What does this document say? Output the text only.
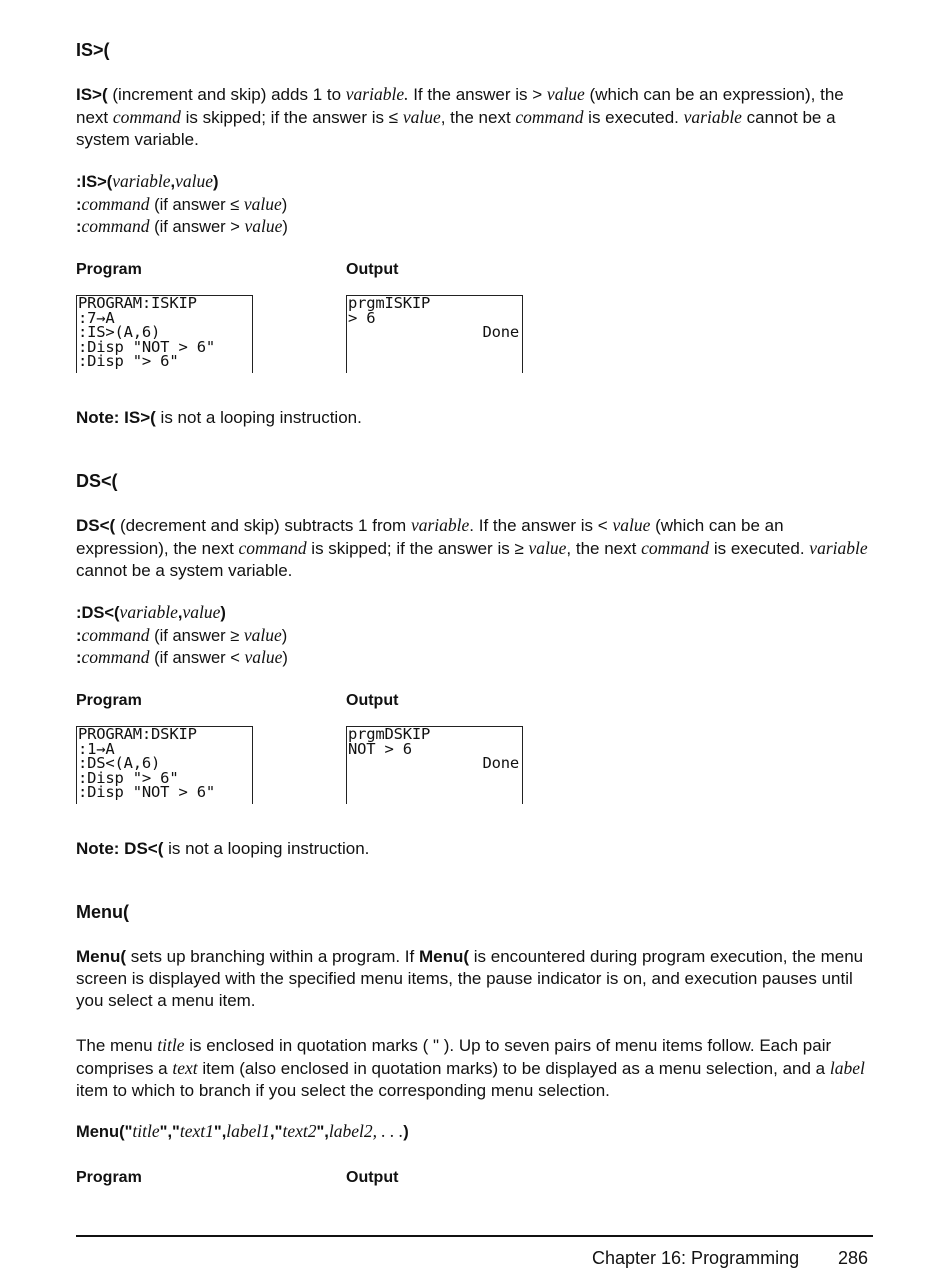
IS>(
IS>( (increment and skip) adds 1 to variable. If the answer is > value (which can be an expression), the next command is skipped; if the answer is ≤ value, the next command is executed. variable cannot be a system variable.
:IS>(variable,value)
:command (if answer ≤ value)
:command (if answer > value)
Program	Output
PROGRAM:ISKIP
:7→A
:IS>(A,6)
:Disp "NOT > 6"
:Disp "> 6"
prgmISKIP
> 6
Done
Note: IS>( is not a looping instruction.
DS<(
DS<( (decrement and skip) subtracts 1 from variable. If the answer is < value (which can be an expression), the next command is skipped; if the answer is ≥ value, the next command is executed. variable cannot be a system variable.
:DS<(variable,value)
:command (if answer ≥ value)
:command (if answer < value)
Program	Output
PROGRAM:DSKIP
:1→A
:DS<(A,6)
:Disp "> 6"
:Disp "NOT > 6"
prgmDSKIP
NOT > 6
Done
Note: DS<( is not a looping instruction.
Menu(
Menu( sets up branching within a program. If Menu( is encountered during program execution, the menu screen is displayed with the specified menu items, the pause indicator is on, and execution pauses until you select a menu item.
The menu title is enclosed in quotation marks ( " ). Up to seven pairs of menu items follow. Each pair comprises a text item (also enclosed in quotation marks) to be displayed as a menu selection, and a label item to which to branch if you select the corresponding menu selection.
Menu("title","text1",label1,"text2",label2, . . .)
Program	Output
Chapter 16: Programming 286
